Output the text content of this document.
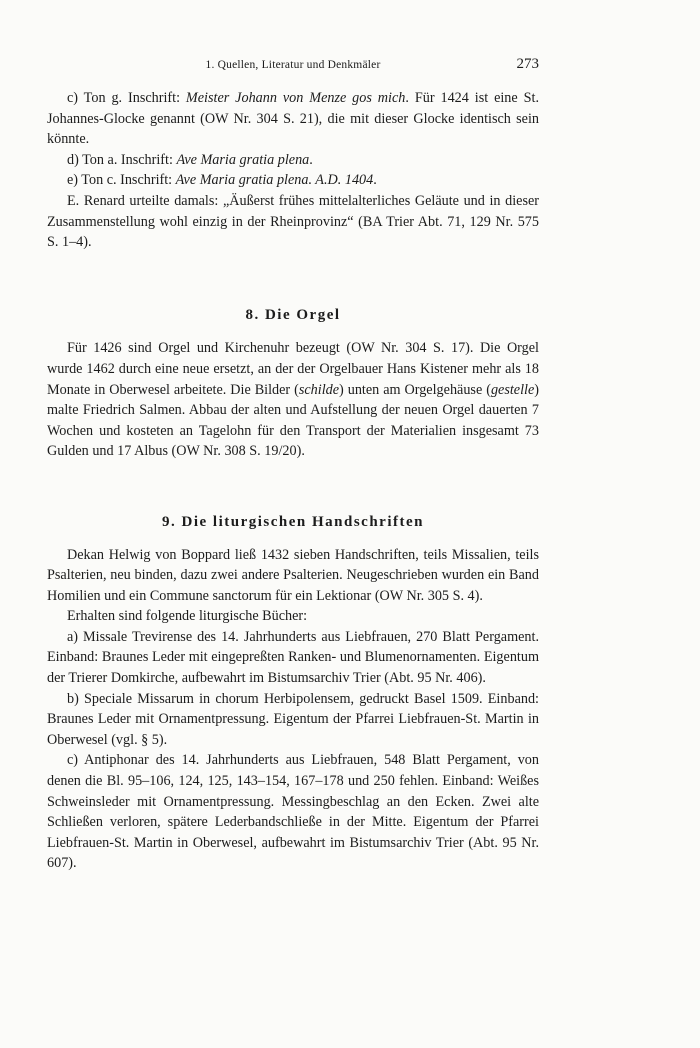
1. Quellen, Literatur und Denkmäler	273

c) Ton g. Inschrift: Meister Johann von Menze gos mich. Für 1424 ist eine St. Johannes-Glocke genannt (OW Nr. 304 S. 21), die mit dieser Glocke identisch sein könnte.

d) Ton a. Inschrift: Ave Maria gratia plena.

e) Ton c. Inschrift: Ave Maria gratia plena. A.D. 1404.

E. Renard urteilte damals: „Äußerst frühes mittelalterliches Geläute und in dieser Zusammenstellung wohl einzig in der Rheinprovinz“ (BA Trier Abt. 71, 129 Nr. 575 S. 1–4).

8. Die Orgel

Für 1426 sind Orgel und Kirchenuhr bezeugt (OW Nr. 304 S. 17). Die Orgel wurde 1462 durch eine neue ersetzt, an der der Orgelbauer Hans Kistener mehr als 18 Monate in Oberwesel arbeitete. Die Bilder (schilde) unten am Orgelgehäuse (gestelle) malte Friedrich Salmen. Abbau der alten und Aufstellung der neuen Orgel dauerten 7 Wochen und kosteten an Tagelohn für den Transport der Materialien insgesamt 73 Gulden und 17 Albus (OW Nr. 308 S. 19/20).

9. Die liturgischen Handschriften

Dekan Helwig von Boppard ließ 1432 sieben Handschriften, teils Missalien, teils Psalterien, neu binden, dazu zwei andere Psalterien. Neugeschrieben wurden ein Band Homilien und ein Commune sanctorum für ein Lektionar (OW Nr. 305 S. 4).

Erhalten sind folgende liturgische Bücher:

a) Missale Trevirense des 14. Jahrhunderts aus Liebfrauen, 270 Blatt Pergament. Einband: Braunes Leder mit eingepreßten Ranken- und Blumenornamenten. Eigentum der Trierer Domkirche, aufbewahrt im Bistumsarchiv Trier (Abt. 95 Nr. 406).

b) Speciale Missarum in chorum Herbipolensem, gedruckt Basel 1509. Einband: Braunes Leder mit Ornamentpressung. Eigentum der Pfarrei Liebfrauen-St. Martin in Oberwesel (vgl. § 5).

c) Antiphonar des 14. Jahrhunderts aus Liebfrauen, 548 Blatt Pergament, von denen die Bl. 95–106, 124, 125, 143–154, 167–178 und 250 fehlen. Einband: Weißes Schweinsleder mit Ornamentpressung. Messingbeschlag an den Ecken. Zwei alte Schließen verloren, spätere Lederbandschließe in der Mitte. Eigentum der Pfarrei Liebfrauen-St. Martin in Oberwesel, aufbewahrt im Bistumsarchiv Trier (Abt. 95 Nr. 607).
